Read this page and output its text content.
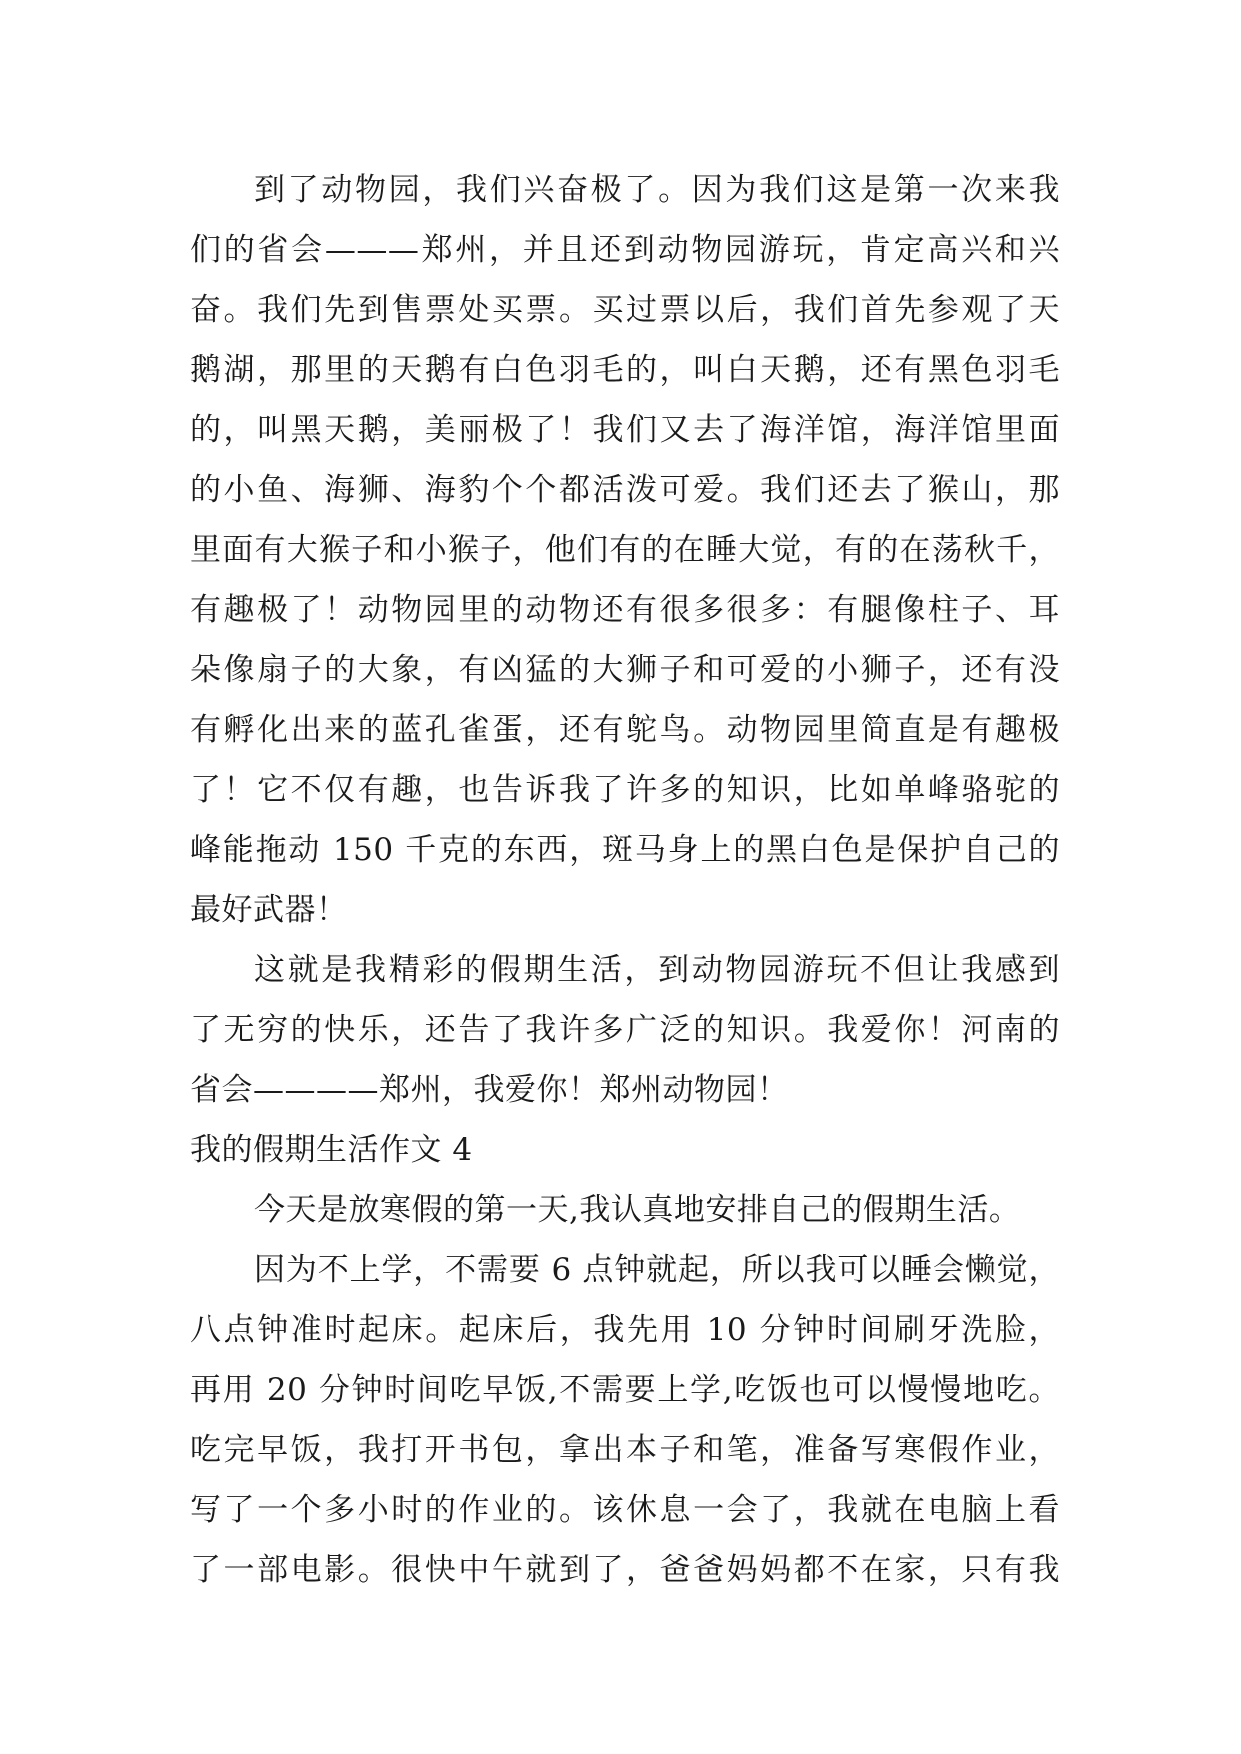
到了动物园，我们兴奋极了。因为我们这是第一次来我
们的省会———郑州，并且还到动物园游玩，肯定高兴和兴
奋。我们先到售票处买票。买过票以后，我们首先参观了天
鹅湖，那里的天鹅有白色羽毛的，叫白天鹅，还有黑色羽毛
的，叫黑天鹅，美丽极了！我们又去了海洋馆，海洋馆里面
的小鱼、海狮、海豹个个都活泼可爱。我们还去了猴山，那
里面有大猴子和小猴子，他们有的在睡大觉，有的在荡秋千，
有趣极了！动物园里的动物还有很多很多：有腿像柱子、耳
朵像扇子的大象，有凶猛的大狮子和可爱的小狮子，还有没
有孵化出来的蓝孔雀蛋，还有鸵鸟。动物园里简直是有趣极
了！它不仅有趣，也告诉我了许多的知识，比如单峰骆驼的
峰能拖动 150 千克的东西，斑马身上的黑白色是保护自己的
最好武器！
这就是我精彩的假期生活，到动物园游玩不但让我感到
了无穷的快乐，还告了我许多广泛的知识。我爱你！河南的
省会————郑州，我爱你！郑州动物园！
我的假期生活作文 4
今天是放寒假的第一天,我认真地安排自己的假期生活。
因为不上学，不需要 6 点钟就起，所以我可以睡会懒觉，
八点钟准时起床。起床后，我先用 10 分钟时间刷牙洗脸，
再用 20 分钟时间吃早饭,不需要上学,吃饭也可以慢慢地吃。
吃完早饭，我打开书包，拿出本子和笔，准备写寒假作业，
写了一个多小时的作业的。该休息一会了，我就在电脑上看
了一部电影。很快中午就到了，爸爸妈妈都不在家，只有我
